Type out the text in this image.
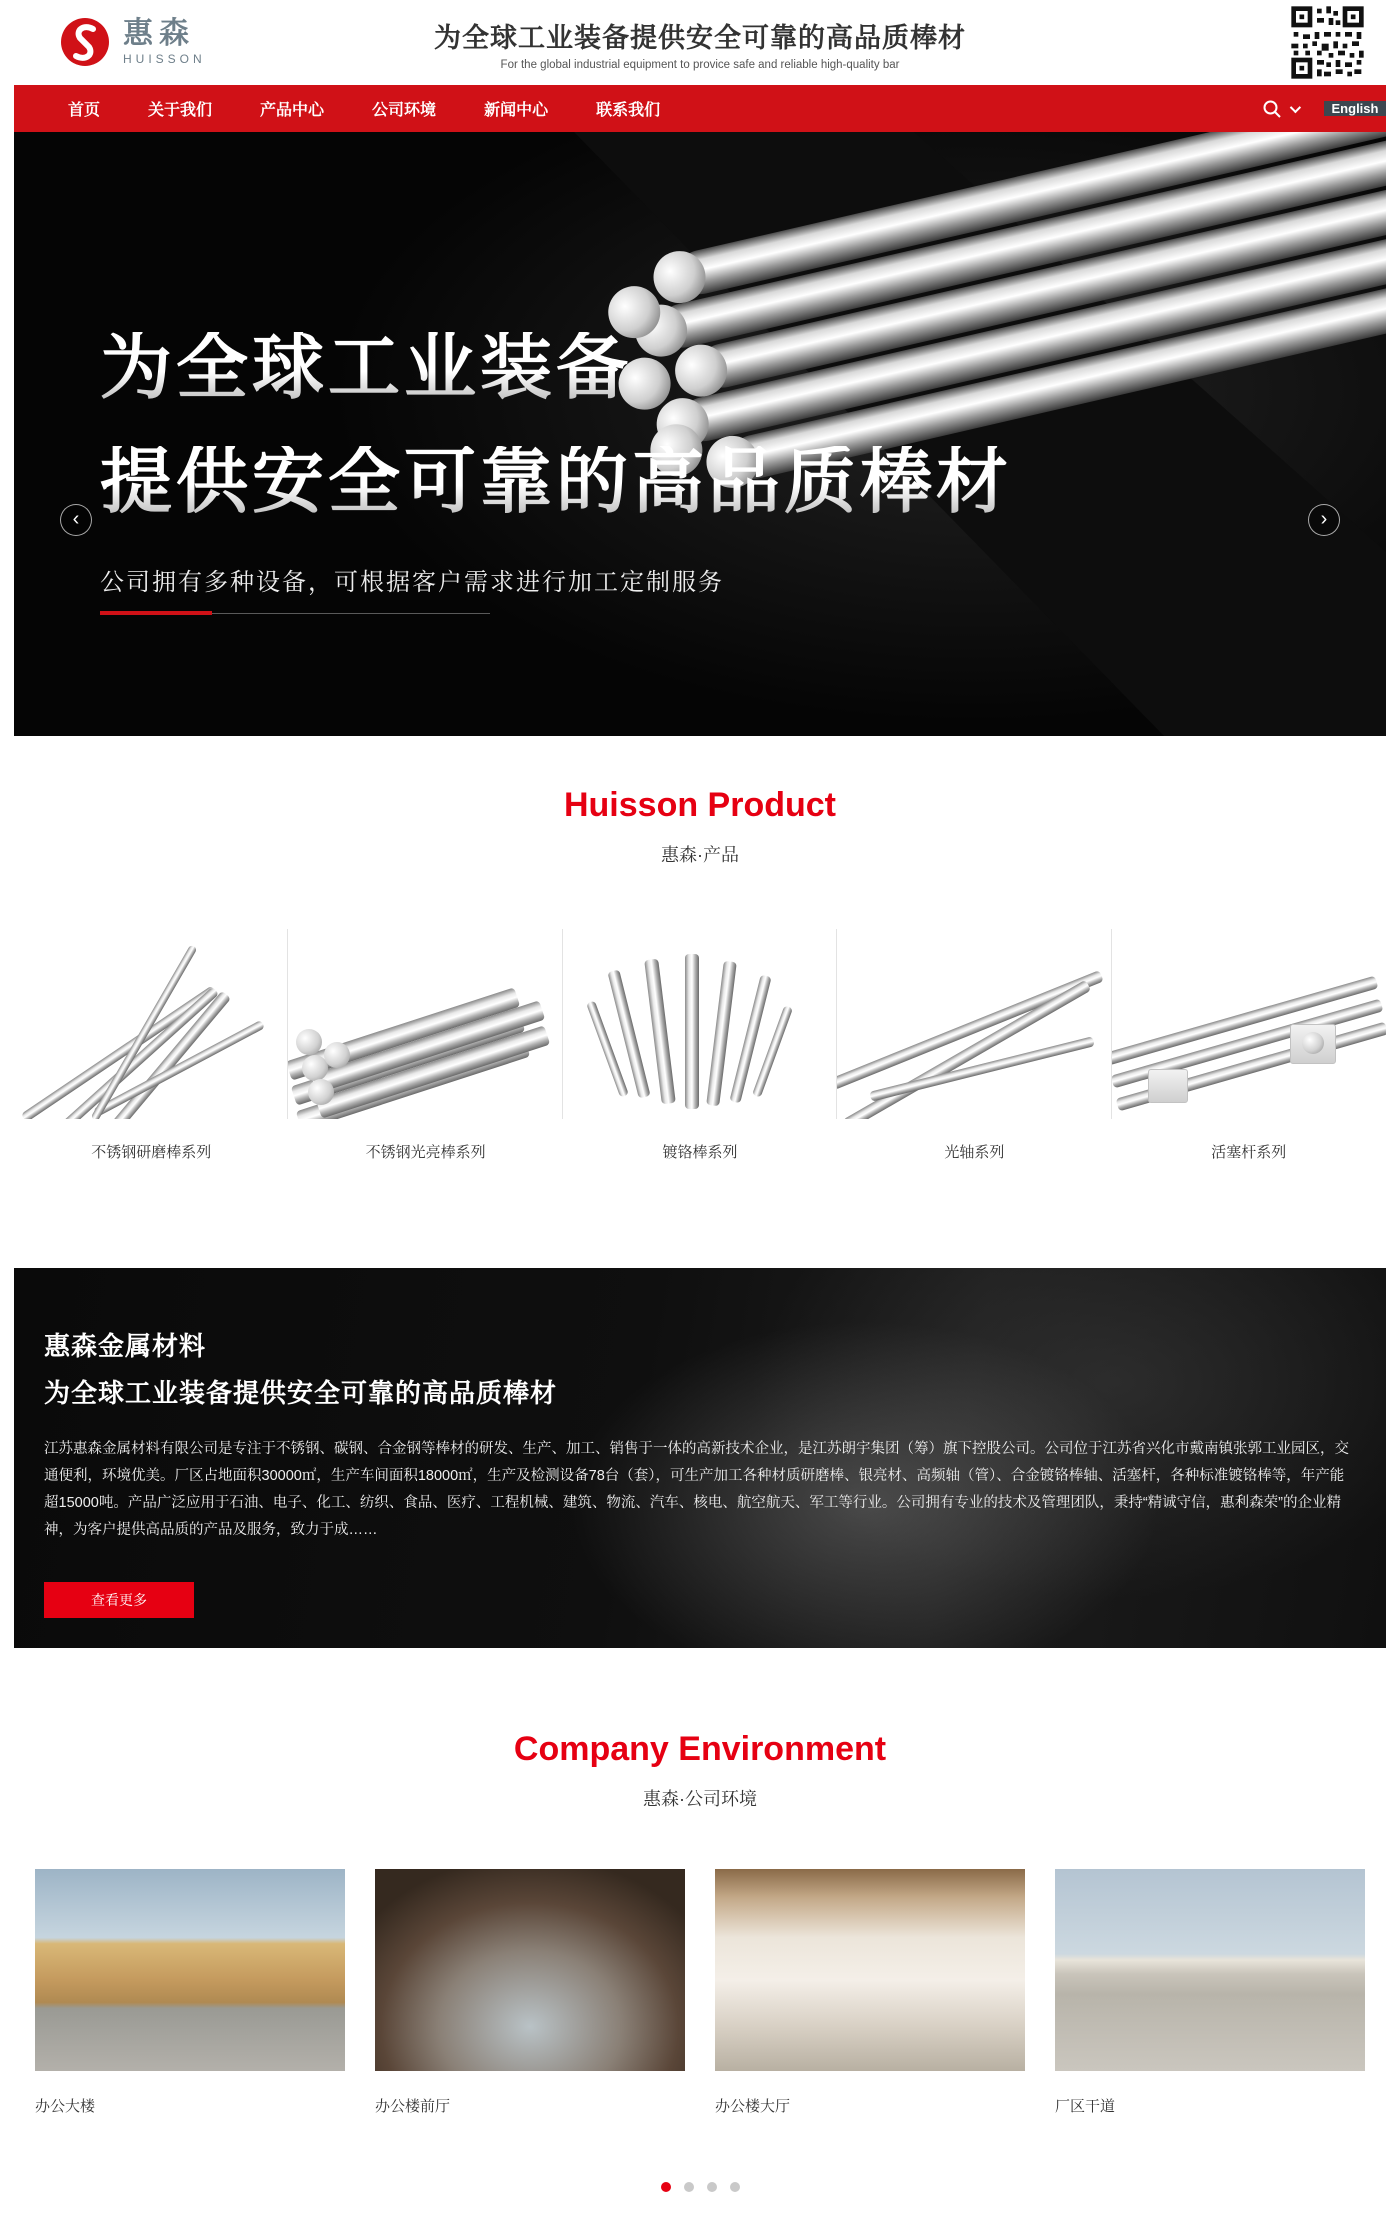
惠森
HUISSON
为全球工业装备提供安全可靠的高品质棒材
For the global industrial equipment to provice safe and reliable high-quality bar
首页	关于我们	产品中心	公司环境	新闻中心	联系我们	English
为全球工业装备
提供安全可靠的高品质棒材
公司拥有多种设备，可根据客户需求进行加工定制服务
‹	›
Huisson Product
惠森·产品
不锈钢研磨棒系列	不锈钢光亮棒系列	镀铬棒系列	光轴系列	活塞杆系列
惠森金属材料
为全球工业装备提供安全可靠的高品质棒材
江苏惠森金属材料有限公司是专注于不锈钢、碳钢、合金钢等棒材的研发、生产、加工、销售于一体的高新技术企业，是江苏朗宇集团（筹）旗下控股公司。公司位于江苏省兴化市戴南镇张郭工业园区，交通便利，环境优美。厂区占地面积30000㎡，生产车间面积18000㎡，生产及检测设备78台（套），可生产加工各种材质研磨棒、银亮材、高频轴（管）、合金镀铬棒轴、活塞杆，各种标准镀铬棒等，年产能超15000吨。产品广泛应用于石油、电子、化工、纺织、食品、医疗、工程机械、建筑、物流、汽车、核电、航空航天、军工等行业。公司拥有专业的技术及管理团队，秉持“精诚守信，惠利森荣”的企业精神，为客户提供高品质的产品及服务，致力于成……
查看更多
Company Environment
惠森·公司环境
办公大楼	办公楼前厅	办公楼大厅	厂区干道
